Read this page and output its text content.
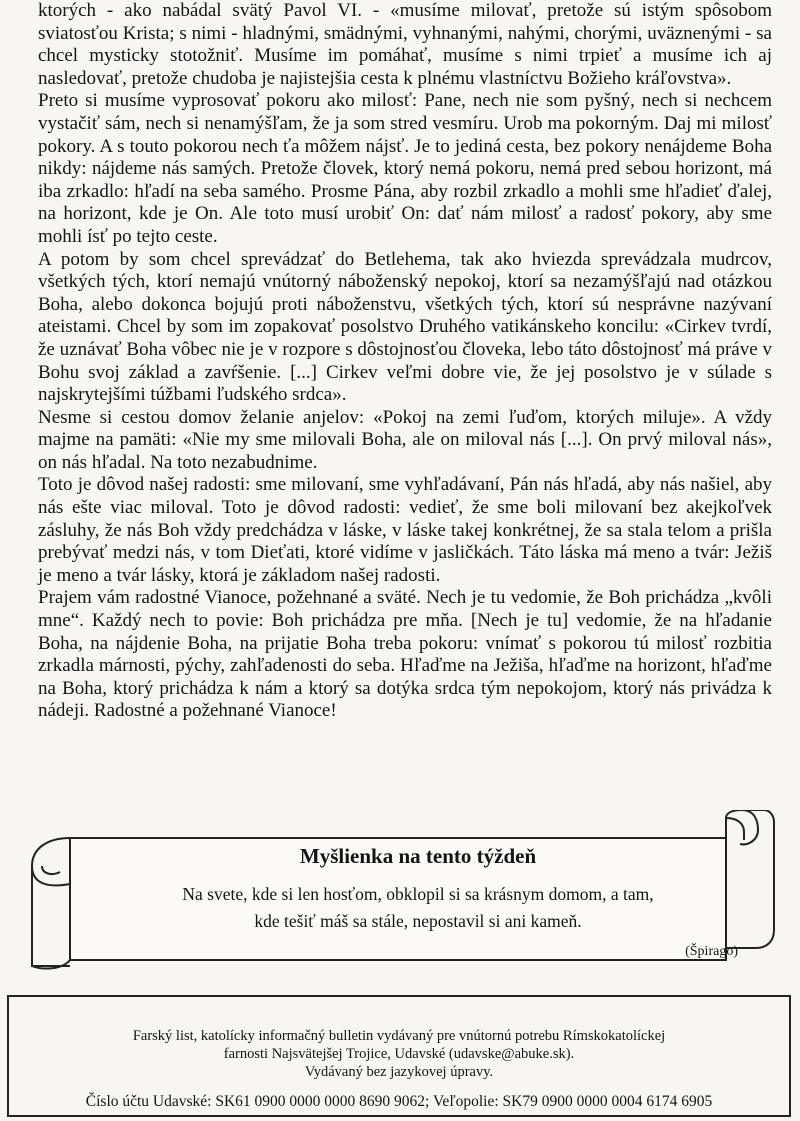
ktorých - ako nabádal svätý Pavol VI. - «musíme milovať, pretože sú istým spôsobom sviatosťou Krista; s nimi - hladnými, smädnými, vyhnanými, nahými, chorými, uväznenými - sa chcel mysticky stotožniť. Musíme im pomáhať, musíme s nimi trpieť a musíme ich aj nasledovať, pretože chudoba je najistejšia cesta k plnému vlastníctvu Božieho kráľovstva».

Preto si musíme vyprosovať pokoru ako milosť: Pane, nech nie som pyšný, nech si nechcem vystačiť sám, nech si nenamýšľam, že ja som stred vesmíru. Urob ma pokorným. Daj mi milosť pokory. A s touto pokorou nech ťa môžem nájsť. Je to jediná cesta, bez pokory nenájdeme Boha nikdy: nájdeme nás samých. Pretože človek, ktorý nemá pokoru, nemá pred sebou horizont, má iba zrkadlo: hľadí na seba samého. Prosme Pána, aby rozbil zrkadlo a mohli sme hľadieť ďalej, na horizont, kde je On. Ale toto musí urobiť On: dať nám milosť a radosť pokory, aby sme mohli ísť po tejto ceste.

A potom by som chcel sprevádzať do Betlehema, tak ako hviezda sprevádzala mudrcov, všetkých tých, ktorí nemajú vnútorný náboženský nepokoj, ktorí sa nezamýšľajú nad otázkou Boha, alebo dokonca bojujú proti náboženstvu, všetkých tých, ktorí sú nesprávne nazývaní ateistami. Chcel by som im zopakovať posolstvo Druhého vatikánskeho koncilu: «Cirkev tvrdí, že uznávať Boha vôbec nie je v rozpore s dôstojnosťou človeka, lebo táto dôstojnosť má práve v Bohu svoj základ a zavŕšenie. [...] Cirkev veľmi dobre vie, že jej posolstvo je v súlade s najskrytejšími túžbami ľudského srdca».

Nesme si cestou domov želanie anjelov: «Pokoj na zemi ľuďom, ktorých miluje». A vždy majme na pamäti: «Nie my sme milovali Boha, ale on miloval nás [...]. On prvý miloval nás», on nás hľadal. Na toto nezabudnime.

Toto je dôvod našej radosti: sme milovaní, sme vyhľadávaní, Pán nás hľadá, aby nás našiel, aby nás ešte viac miloval. Toto je dôvod radosti: vedieť, že sme boli milovaní bez akejkoľvek zásluhy, že nás Boh vždy predchádza v láske, v láske takej konkrétnej, že sa stala telom a prišla prebývať medzi nás, v tom Dieťati, ktoré vidíme v jasličkách. Táto láska má meno a tvár: Ježiš je meno a tvár lásky, ktorá je základom našej radosti.

Prajem vám radostné Vianoce, požehnané a sväté. Nech je tu vedomie, že Boh prichádza „kvôli mne“. Každý nech to povie: Boh prichádza pre mňa. [Nech je tu] vedomie, že na hľadanie Boha, na nájdenie Boha, na prijatie Boha treba pokoru: vnímať s pokorou tú milosť rozbitia zrkadla márnosti, pýchy, zahľadenosti do seba. Hľaďme na Ježiša, hľaďme na horizont, hľaďme na Boha, ktorý prichádza k nám a ktorý sa dotýka srdca tým nepokojom, ktorý nás privádza k nádeji. Radostné a požehnané Vianoce!

Myšlienka na tento týždeň

Na svete, kde si len hosťom, obklopil si sa krásnym domom, a tam,

kde tešiť máš sa stále, nepostavil si ani kameň.

(Špirago)

Farský list, katolícky informačný bulletin vydávaný pre vnútornú potrebu Rímskokatolíckej

farnosti Najsvätejšej Trojice, Udavské (udavske@abuke.sk).

Vydávaný bez jazykovej úpravy.

Číslo účtu Udavské: SK61 0900 0000 0000 8690 9062; Veľopolie: SK79 0900 0000 0004 6174 6905
